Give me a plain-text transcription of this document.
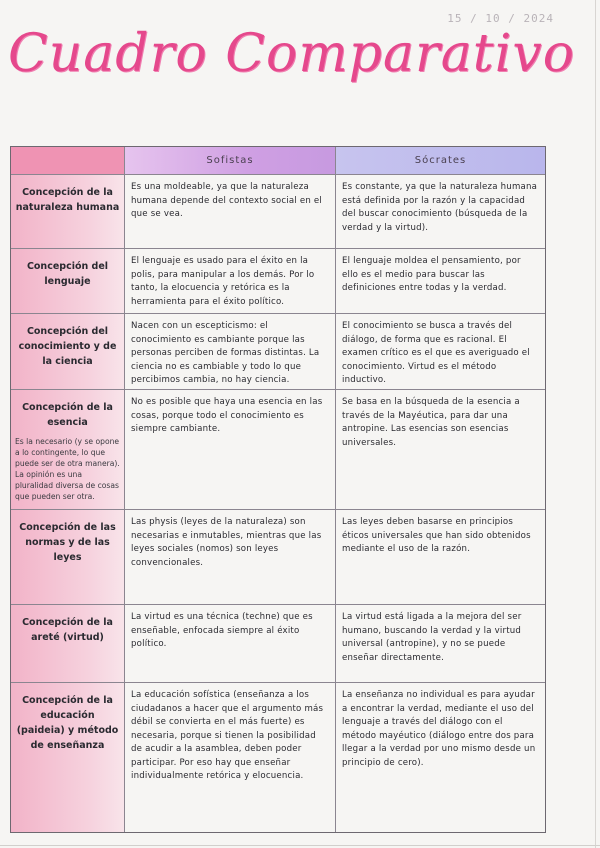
15 / 10 / 2024
Cuadro Comparativo
Sofistas	Sócrates
Concepción de la naturaleza humana
Es una moldeable, ya que la naturaleza humana depende del contexto social en el que se vea.
Es constante, ya que la naturaleza humana está definida por la razón y la capacidad del buscar conocimiento (búsqueda de la verdad y la virtud).
Concepción del lenguaje
El lenguaje es usado para el éxito en la polis, para manipular a los demás. Por lo tanto, la elocuencia y retórica es la herramienta para el éxito político.
El lenguaje moldea el pensamiento, por ello es el medio para buscar las definiciones entre todas y la verdad.
Concepción del conocimiento y de la ciencia
Nacen con un escepticismo: el conocimiento es cambiante porque las personas perciben de formas distintas. La ciencia no es cambiable y todo lo que percibimos cambia, no hay ciencia.
El conocimiento se busca a través del diálogo, de forma que es racional. El examen crítico es el que es averiguado el conocimiento. Virtud es el método inductivo.
Concepción de la esencia
Es la necesario (y se opone a lo contingente, lo que puede ser de otra manera). La opinión es una pluralidad diversa de cosas que pueden ser otra.
No es posible que haya una esencia en las cosas, porque todo el conocimiento es siempre cambiante.
Se basa en la búsqueda de la esencia a través de la Mayéutica, para dar una antropine. Las esencias son esencias universales.
Concepción de las normas y de las leyes
Las physis (leyes de la naturaleza) son necesarias e inmutables, mientras que las leyes sociales (nomos) son leyes convencionales.
Las leyes deben basarse en principios éticos universales que han sido obtenidos mediante el uso de la razón.
Concepción de la areté (virtud)
La virtud es una técnica (techne) que es enseñable, enfocada siempre al éxito político.
La virtud está ligada a la mejora del ser humano, buscando la verdad y la virtud universal (antropine), y no se puede enseñar directamente.
Concepción de la educación (paideia) y método de enseñanza
La educación sofística (enseñanza a los ciudadanos a hacer que el argumento más débil se convierta en el más fuerte) es necesaria, porque si tienen la posibilidad de acudir a la asamblea, deben poder participar. Por eso hay que enseñar individualmente retórica y elocuencia.
La enseñanza no individual es para ayudar a encontrar la verdad, mediante el uso del lenguaje a través del diálogo con el método mayéutico (diálogo entre dos para llegar a la verdad por uno mismo desde un principio de cero).
